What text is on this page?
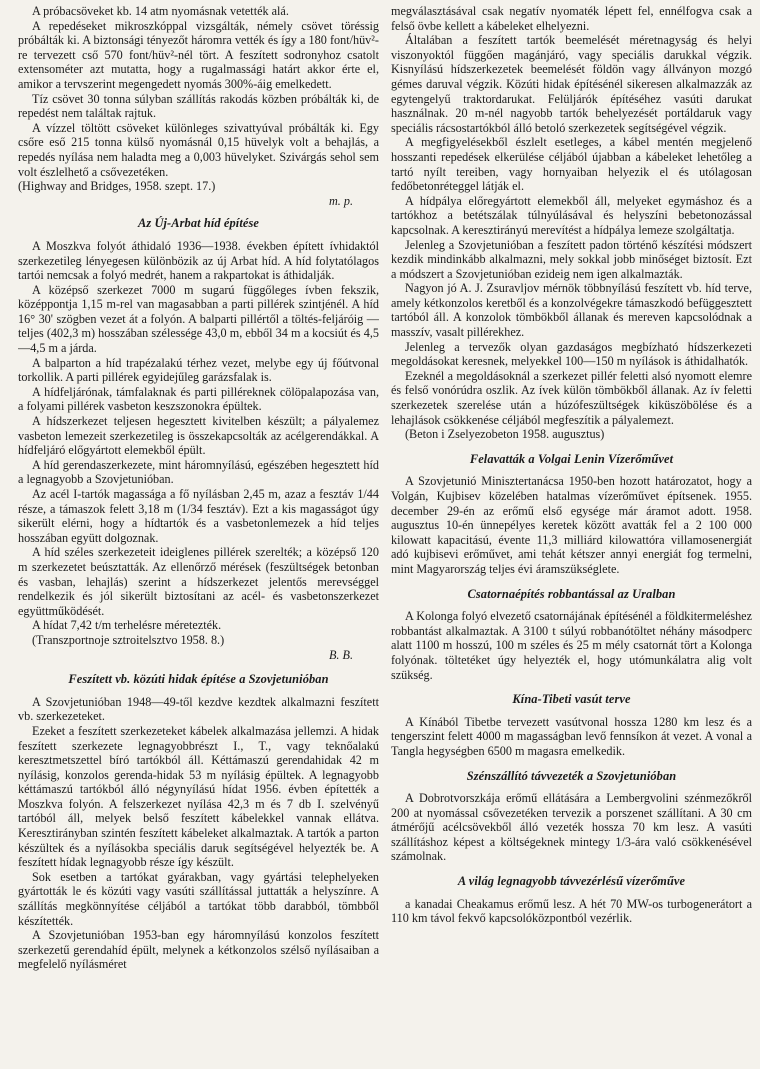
A próbacsöveket kb. 14 atm nyomásnak vetették alá.

A repedéseket mikroszkóppal vizsgálták, némely csövet töréssig próbálták ki. A biztonsági tényezőt háromra vették és így a 180 font/hüv²-re tervezett cső 570 font/hüv²-nél tört. A feszített sodronyhoz csatolt extensométer azt mutatta, hogy a rugalmassági határt akkor érte el, amikor a tervszerint megengedett nyomás 300%-áig emelkedett.

Tíz csövet 30 tonna súlyban szállítás rakodás közben próbálták ki, de repedést nem találtak rajtuk.

A vízzel töltött csöveket különleges szivattyúval próbálták ki. Egy csőre eső 215 tonna külső nyomásnál 0,15 hüvelyk volt a behajlás, a repedés nyílása nem haladta meg a 0,003 hüvelyket. Szivárgás sehol sem volt észlelhető a csővezetéken.

(Highway and Bridges, 1958. szept. 17.)

m. p.

Az Új-Arbat híd építése

A Moszkva folyót áthidaló 1936—1938. években épített ívhidaktól szerkezetileg lényegesen különbözik az új Arbat híd. A híd folytatólagos tartói nemcsak a folyó medrét, hanem a rakpartokat is áthidalják.

A középső szerkezet 7000 m sugarú függőleges ívben fekszik, középpontja 1,15 m-rel van magasabban a parti pillérek szintjénél. A híd 16° 30' szögben vezet át a folyón. A balparti pillértől a töltés-feljáróig — teljes (402,3 m) hosszában szélessége 43,0 m, ebből 34 m a kocsiút és 4,5—4,5 m a járda.

A balparton a híd trapézalakú térhez vezet, melybe egy új főútvonal torkollik. A parti pillérek egyidejűleg garázsfalak is.

A hídfeljárónak, támfalaknak és parti pilléreknek cölöpalapozása van, a folyami pillérek vasbeton keszszonokra épültek.

A hídszerkezet teljesen hegesztett kivitelben készült; a pályalemez vasbeton lemezeit szerkezetileg is összekapcsolták az acélgerendákkal. A hídfeljáró előgyártott elemekből épült.

A híd gerendaszerkezete, mint háromnyílású, egészében hegesztett híd a legnagyobb a Szovjetunióban.

Az acél I-tartók magassága a fő nyílásban 2,45 m, azaz a fesztáv 1/44 része, a támaszok felett 3,18 m (1/34 fesztáv). Ezt a kis magasságot úgy sikerült elérni, hogy a hídtartók és a vasbetonlemezek a híd teljes hosszában együtt dolgoznak.

A híd széles szerkezeteit ideiglenes pillérek szerelték; a középső 120 m szerkezetet beúsztatták. Az ellenőrző mérések (feszültségek betonban és vasban, lehajlás) szerint a hídszerkezet jelentős merevséggel rendelkezik és jól sikerült biztosítani az acél- és vasbetonszerkezet együttműködését.

A hídat 7,42 t/m terhelésre méretezték.

(Transzportnoje sztroitelsztvo 1958. 8.)

B. B.

Feszített vb. közúti hidak építése a Szovjetunióban

A Szovjetunióban 1948—49-től kezdve kezdtek alkalmazni feszített vb. szerkezeteket.

Ezeket a feszített szerkezeteket kábelek alkalmazása jellemzi. A hidak feszített szerkezete legnagyobbrészt I., T., vagy teknőalakú keresztmetszettel bíró tartókból áll. Kéttámaszú gerendahidak 42 m nyílásig, konzolos gerenda-hidak 53 m nyílásig épültek. A legnagyobb kéttámaszú tartókból álló négynyílású hídat 1956. évben építették a Moszkva folyón. A felszerkezet nyílása 42,3 m és 7 db I. szelvényű tartóból áll, melyek belső feszített kábelekkel vannak ellátva. Keresztirányban szintén feszített kábeleket alkalmaztak. A tartók a parton készültek és a nyílásokba speciális daruk segítségével helyezték be. A feszített hídak legnagyobb része így készült.

Sok esetben a tartókat gyárakban, vagy gyártási telephelyeken gyártották le és közúti vagy vasúti szállítással juttatták a helyszínre. A szállítás megkönnyítése céljából a tartókat több darabból, tömbből készítették.

A Szovjetunióban 1953-ban egy háromnyílású konzolos feszített szerkezetű gerendahíd épült, melynek a kétkonzolos szélső nyílásaiban a megfelelő nyílásméret

megválasztásával csak negatív nyomaték lépett fel, ennélfogva csak a felső övbe kellett a kábeleket elhelyezni.

Általában a feszített tartók beemelését méretnagyság és helyi viszonyoktól függően magánjáró, vagy speciális darukkal végzik. Kisnyílású hídszerkezetek beemelését földön vagy állványon mozgó gémes daruval végzik. Közúti hidak építésénél sikeresen alkalmazzák az egytengelyű traktordarukat. Felüljárók építéséhez vasúti darukat használnak. 20 m-nél nagyobb tartók behelyezését portáldaruk vagy speciális rácsostartókból álló betoló szerkezetek segítségével végzik.

A megfigyelésekből észlelt esetleges, a kábel mentén megjelenő hosszanti repedések elkerülése céljából újabban a kábeleket lehetőleg a tartó nyílt tereiben, vagy hornyaiban helyezik el és utólagosan fedőbetonréteggel látják el.

A hídpálya előregyártott elemekből áll, melyeket egymáshoz és a tartókhoz a betétszálak túlnyúlásával és helyszíni bebetonozással kapcsolnak. A keresztirányú merevítést a hídpálya lemeze szolgáltatja.

Jelenleg a Szovjetunióban a feszített padon történő készítési módszert kezdik mindinkább alkalmazni, mely sokkal jobb minőséget biztosít. Ezt a módszert a Szovjetunióban ezideig nem igen alkalmazták.

Nagyon jó A. J. Zsuravljov mérnök többnyílású feszített vb. híd terve, amely kétkonzolos keretből és a konzolvégekre támaszkodó befüggesztett tartóból áll. A konzolok tömbökből állanak és mereven kapcsolódnak a masszív, vasalt pillérekhez.

Jelenleg a tervezők olyan gazdaságos megbízható hídszerkezeti megoldásokat keresnek, melyekkel 100—150 m nyílások is áthidalhatók.

Ezeknél a megoldásoknál a szerkezet pillér feletti alsó nyomott elemre és felső vonórúdra oszlik. Az ívek külön tömbökből állanak. Az ív feletti szerkezetek szerelése után a húzófeszültségek kiküszöbölése és a lehajlások csökkenése céljából megfeszítik a pályalemezt.

(Beton i Zselyezobeton 1958. augusztus)

Felavatták a Volgai Lenin Vízerőművet

A Szovjetunió Minisztertanácsa 1950-ben hozott határozatot, hogy a Volgán, Kujbisev közelében hatalmas vízerőművet építsenek. 1955. december 29-én az erőmű első egysége már áramot adott. 1958. augusztus 10-én ünnepélyes keretek között avatták fel a 2 100 000 kilowatt kapacitású, évente 11,3 milliárd kilowattóra villamosenergiát adó kujbisevi erőművet, ami tehát kétszer annyi energiát fog termelni, mint Magyarország teljes évi áramszükséglete.

Csatornaépítés robbantással az Uralban

A Kolonga folyó elvezető csatornájának építésénél a földkitermeléshez robbantást alkalmaztak. A 3100 t súlyú robbanótöltet néhány másodperc alatt 1100 m hosszú, 100 m széles és 25 m mély csatornát tört a Kolonga folyónak. töltetéket úgy helyezték el, hogy utómunkálatra alig volt szükség.

Kína-Tibeti vasút terve

A Kínából Tibetbe tervezett vasútvonal hossza 1280 km lesz és a tengerszint felett 4000 m magasságban levő fennsíkon át vezet. A vonal a Tangla hegységben 6500 m magasra emelkedik.

Szénszállító távvezeték a Szovjetunióban

A Dobrotvorszkája erőmű ellátására a Lembergvolini szénmezőkről 200 at nyomással csővezetéken tervezik a porszenet szállítani. A 30 cm átmérőjű acélcsövekből álló vezeték hossza 70 km lesz. A vasúti szállításhoz képest a költségeknek mintegy 1/3-ára való csökkenésével számolnak.

A világ legnagyobb távvezérlésű vízerőműve

a kanadai Cheakamus erőmű lesz. A hét 70 MW-os turbogenerátort a 110 km távol fekvő kapcsolóközpontból vezérlik.
